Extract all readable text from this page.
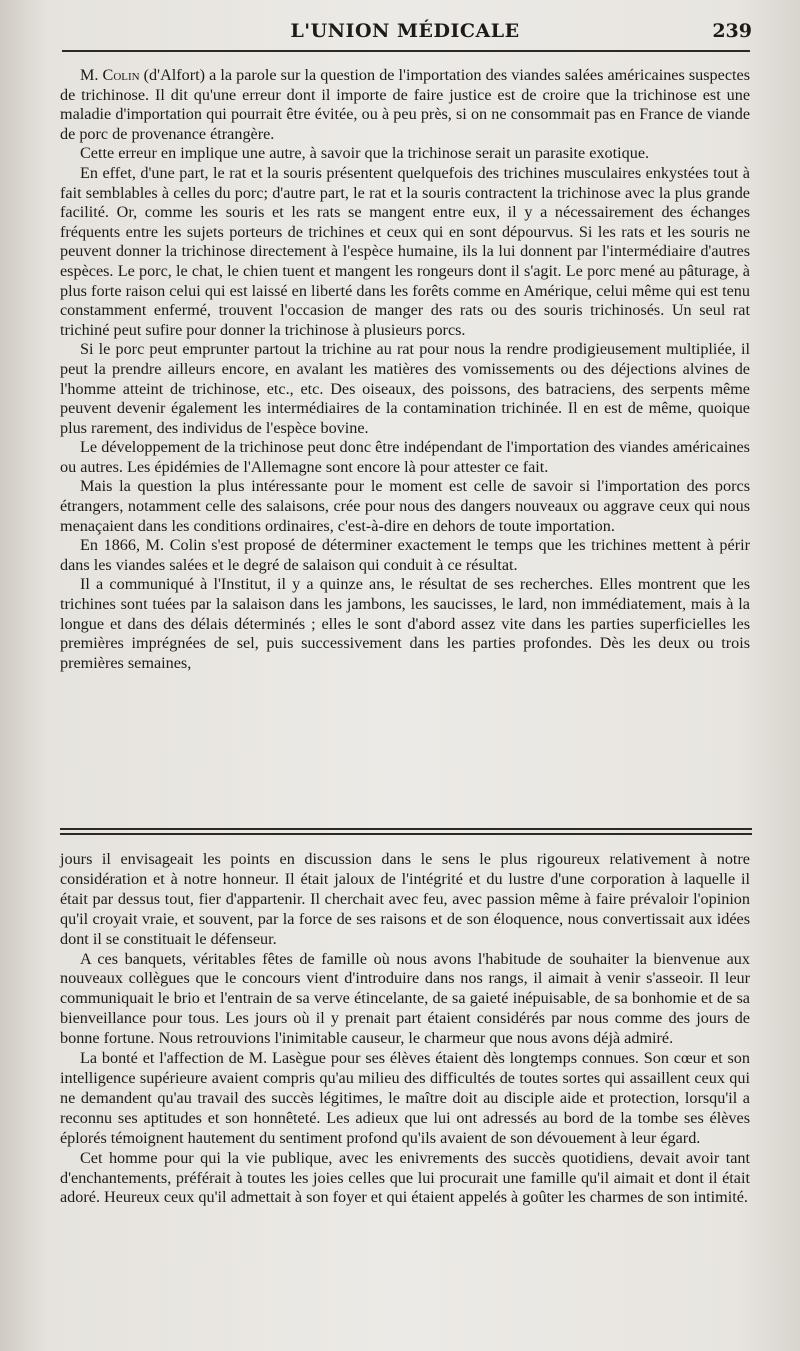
L'UNION MÉDICALE	239

M. Colin (d'Alfort) a la parole sur la question de l'importation des viandes salées américaines suspectes de trichinose. Il dit qu'une erreur dont il importe de faire justice est de croire que la trichinose est une maladie d'importation qui pourrait être évitée, ou à peu près, si on ne consommait pas en France de viande de porc de provenance étrangère.

Cette erreur en implique une autre, à savoir que la trichinose serait un parasite exotique.

En effet, d'une part, le rat et la souris présentent quelquefois des trichines musculaires enkystées tout à fait semblables à celles du porc; d'autre part, le rat et la souris contractent la trichinose avec la plus grande facilité. Or, comme les souris et les rats se mangent entre eux, il y a nécessairement des échanges fréquents entre les sujets porteurs de trichines et ceux qui en sont dépourvus. Si les rats et les souris ne peuvent donner la trichinose directement à l'espèce humaine, ils la lui donnent par l'intermédiaire d'autres espèces. Le porc, le chat, le chien tuent et mangent les rongeurs dont il s'agit. Le porc mené au pâturage, à plus forte raison celui qui est laissé en liberté dans les forêts comme en Amérique, celui même qui est tenu constamment enfermé, trouvent l'occasion de manger des rats ou des souris trichinosés. Un seul rat trichiné peut sufire pour donner la trichinose à plusieurs porcs.

Si le porc peut emprunter partout la trichine au rat pour nous la rendre prodigieusement multipliée, il peut la prendre ailleurs encore, en avalant les matières des vomissements ou des déjections alvines de l'homme atteint de trichinose, etc., etc. Des oiseaux, des poissons, des batraciens, des serpents même peuvent devenir également les intermédiaires de la contamination trichinée. Il en est de même, quoique plus rarement, des individus de l'espèce bovine.

Le développement de la trichinose peut donc être indépendant de l'importation des viandes américaines ou autres. Les épidémies de l'Allemagne sont encore là pour attester ce fait.

Mais la question la plus intéressante pour le moment est celle de savoir si l'importation des porcs étrangers, notamment celle des salaisons, crée pour nous des dangers nouveaux ou aggrave ceux qui nous menaçaient dans les conditions ordinaires, c'est-à-dire en dehors de toute importation.

En 1866, M. Colin s'est proposé de déterminer exactement le temps que les trichines mettent à périr dans les viandes salées et le degré de salaison qui conduit à ce résultat.

Il a communiqué à l'Institut, il y a quinze ans, le résultat de ses recherches. Elles montrent que les trichines sont tuées par la salaison dans les jambons, les saucisses, le lard, non immédiatement, mais à la longue et dans des délais déterminés ; elles le sont d'abord assez vite dans les parties superficielles les premières imprégnées de sel, puis successivement dans les parties profondes. Dès les deux ou trois premières semaines,

jours il envisageait les points en discussion dans le sens le plus rigoureux relativement à notre considération et à notre honneur. Il était jaloux de l'intégrité et du lustre d'une corporation à laquelle il était par dessus tout, fier d'appartenir. Il cherchait avec feu, avec passion même à faire prévaloir l'opinion qu'il croyait vraie, et souvent, par la force de ses raisons et de son éloquence, nous convertissait aux idées dont il se constituait le défenseur.

A ces banquets, véritables fêtes de famille où nous avons l'habitude de souhaiter la bienvenue aux nouveaux collègues que le concours vient d'introduire dans nos rangs, il aimait à venir s'asseoir. Il leur communiquait le brio et l'entrain de sa verve étincelante, de sa gaieté inépuisable, de sa bonhomie et de sa bienveillance pour tous. Les jours où il y prenait part étaient considérés par nous comme des jours de bonne fortune. Nous retrouvions l'inimitable causeur, le charmeur que nous avons déjà admiré.

La bonté et l'affection de M. Lasègue pour ses élèves étaient dès longtemps connues. Son cœur et son intelligence supérieure avaient compris qu'au milieu des difficultés de toutes sortes qui assaillent ceux qui ne demandent qu'au travail des succès légitimes, le maître doit au disciple aide et protection, lorsqu'il a reconnu ses aptitudes et son honnêteté. Les adieux que lui ont adressés au bord de la tombe ses élèves éplorés témoignent hautement du sentiment profond qu'ils avaient de son dévouement à leur égard.

Cet homme pour qui la vie publique, avec les enivrements des succès quotidiens, devait avoir tant d'enchantements, préférait à toutes les joies celles que lui procurait une famille qu'il aimait et dont il était adoré. Heureux ceux qu'il admettait à son foyer et qui étaient appelés à goûter les charmes de son intimité.
